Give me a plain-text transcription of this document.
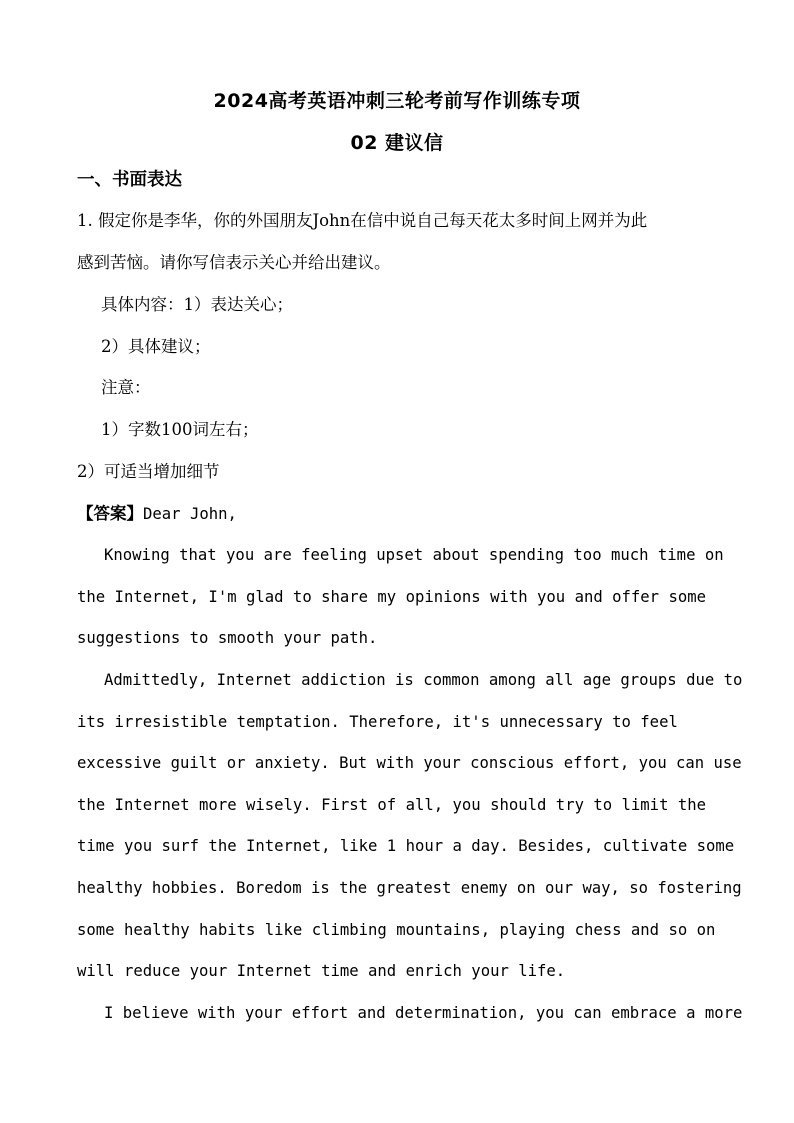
2024高考英语冲刺三轮考前写作训练专项
02 建议信
一、书面表达
1. 假定你是李华，你的外国朋友John在信中说自己每天花太多时间上网并为此
感到苦恼。请你写信表示关心并给出建议。
具体内容：1）表达关心；
2）具体建议；
注意：
1）字数100词左右；
2）可适当增加细节
【答案】Dear John,
Knowing that you are feeling upset about spending too much time on
the Internet, I'm glad to share my opinions with you and offer some
suggestions to smooth your path.
Admittedly, Internet addiction is common among all age groups due to
its irresistible temptation. Therefore, it's unnecessary to feel
excessive guilt or anxiety. But with your conscious effort, you can use
the Internet more wisely. First of all, you should try to limit the
time you surf the Internet, like 1 hour a day. Besides, cultivate some
healthy hobbies. Boredom is the greatest enemy on our way, so fostering
some healthy habits like climbing mountains, playing chess and so on
will reduce your Internet time and enrich your life.
I believe with your effort and determination, you can embrace a more
